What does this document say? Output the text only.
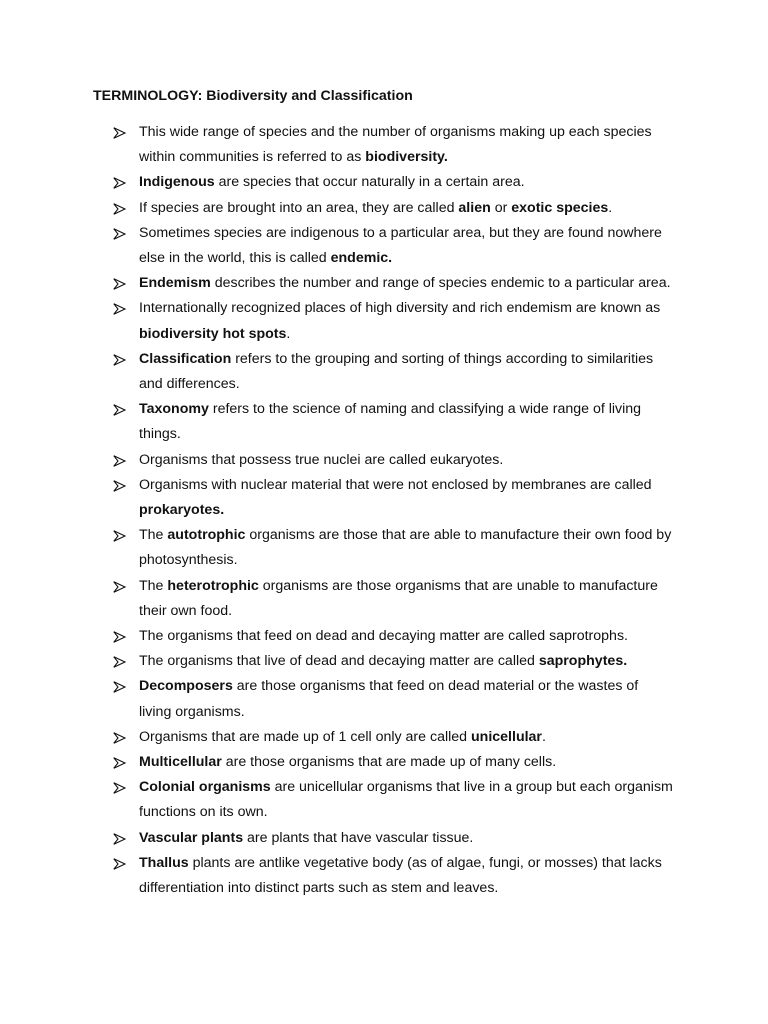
TERMINOLOGY: Biodiversity and Classification
This wide range of species and the number of organisms making up each species within communities is referred to as biodiversity.
Indigenous are species that occur naturally in a certain area.
If species are brought into an area, they are called alien or exotic species.
Sometimes species are indigenous to a particular area, but they are found nowhere else in the world, this is called endemic.
Endemism describes the number and range of species endemic to a particular area.
Internationally recognized places of high diversity and rich endemism are known as biodiversity hot spots.
Classification refers to the grouping and sorting of things according to similarities and differences.
Taxonomy refers to the science of naming and classifying a wide range of living things.
Organisms that possess true nuclei are called eukaryotes.
Organisms with nuclear material that were not enclosed by membranes are called prokaryotes.
The autotrophic organisms are those that are able to manufacture their own food by photosynthesis.
The heterotrophic organisms are those organisms that are unable to manufacture their own food.
The organisms that feed on dead and decaying matter are called saprotrophs.
The organisms that live of dead and decaying matter are called saprophytes.
Decomposers are those organisms that feed on dead material or the wastes of living organisms.
Organisms that are made up of 1 cell only are called unicellular.
Multicellular are those organisms that are made up of many cells.
Colonial organisms are unicellular organisms that live in a group but each organism functions on its own.
Vascular plants are plants that have vascular tissue.
Thallus plants are antlike vegetative body (as of algae, fungi, or mosses) that lacks differentiation into distinct parts such as stem and leaves.
